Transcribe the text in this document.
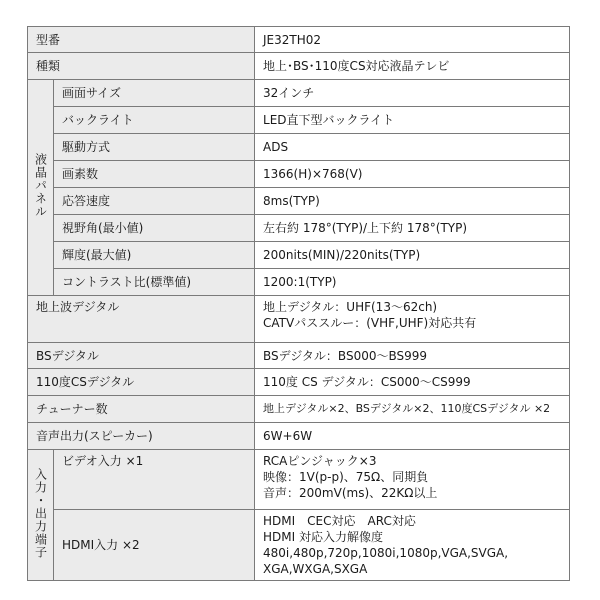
型番		JE32TH02
種類		地上･BS･110度CS対応液晶テレビ
液晶パネル	画面サイズ	32インチ
	バックライト	LED直下型バックライト
	駆動方式	ADS
	画素数	1366(H)×768(V)
	応答速度	8ms(TYP)
	視野角(最小値)	左右約 178°(TYP)/上下約 178°(TYP)
	輝度(最大値)	200nits(MIN)/220nits(TYP)
	コントラスト比(標準値)	1200:1(TYP)
地上波デジタル		地上デジタル：UHF(13〜62ch)
CATVパススルー：(VHF,UHF)対応共有

BSデジタル		BSデジタル：BS000〜BS999
110度CSデジタル		110度 CS デジタル：CS000〜CS999
チューナー数		地上デジタル×2、BSデジタル×2、110度CSデジタル ×2
音声出力(スピーカー)		6W+6W
入力・出力端子	ビデオ入力 ×1	RCAピンジャック×3
映像：1V(p-p)、75Ω、同期負
音声：200mV(ms)、22KΩ以上

	HDMI入力 ×2	HDMI　CEC対応　ARC対応
HDMI 対応入力解像度
480i,480p,720p,1080i,1080p,VGA,SVGA,
XGA,WXGA,SXGA
